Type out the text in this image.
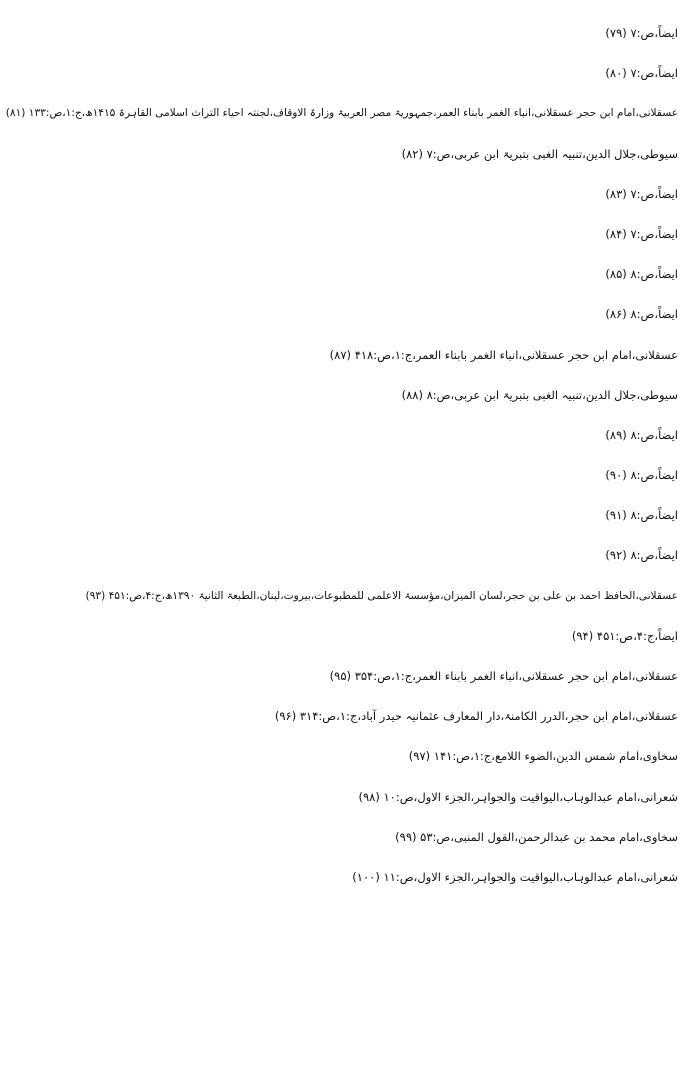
ایضاً،ص:۷ (۷۹)
ایضاً،ص:۷ (۸۰)
عسقلانی،امام ابن حجر عسقلانی،انباء الغمر بابناء العمر،جمہوریۃ مصر العربیۃ وزارۃ الاوقاف،لجنتہ احیاء التراث اسلامی القاہرۃ ۱۴۱۵ھ،ج:۱،ص:۱۳۳ (۸۱)
سیوطی،جلال الدین،تنبیہ الغبی بتبریۃ ابن عربی،ص:۷ (۸۲)
ایضاً،ص:۷ (۸۳)
ایضاً،ص:۷ (۸۴)
ایضاً،ص:۸ (۸۵)
ایضاً،ص:۸ (۸۶)
عسقلانی،امام ابن حجر عسقلانی،انباء الغمر بابناء العمر،ج:۱،ص:۴۱۸ (۸۷)
سیوطی،جلال الدین،تنبیہ الغبی بتبریۃ ابن عربی،ص:۸ (۸۸)
ایضاً،ص:۸ (۸۹)
ایضاً،ص:۸ (۹۰)
ایضاً،ص:۸ (۹۱)
ایضاً،ص:۸ (۹۲)
عسقلانی،الحافظ احمد بن علی بن حجر،لسان المیزان،مؤسسۃ الاعلمی للمطبوعات،بیروت،لبنان،الطبعۃ الثانیۃ ۱۳۹۰ھ،ج:۴،ص:۴۵۱ (۹۳)
ایضاً،ج:۴،ص:۴۵۱ (۹۴)
عسقلانی،امام ابن حجر عسقلانی،انباء الغمر بابناء العمر،ج:۱،ص:۳۵۴ (۹۵)
عسقلانی،امام ابن حجر،الدرر الکامنۃ،دار المعارف عثمانیہ حیدر آباد،ج:۱،ص:۳۱۴ (۹۶)
سخاوی،امام شمس الدین،الضوء اللامع،ج:۱،ص:۱۴۱ (۹۷)
شعرانی،امام عبدالوہاب،الیواقیت والجواہر،الجزء الاول،ص:۱۰ (۹۸)
سخاوی،امام محمد بن عبدالرحمن،القول المنبی،ص:۵۳ (۹۹)
شعرانی،امام عبدالوہاب،الیواقیت والجواہر،الجزء الاول،ص:۱۱ (۱۰۰)
